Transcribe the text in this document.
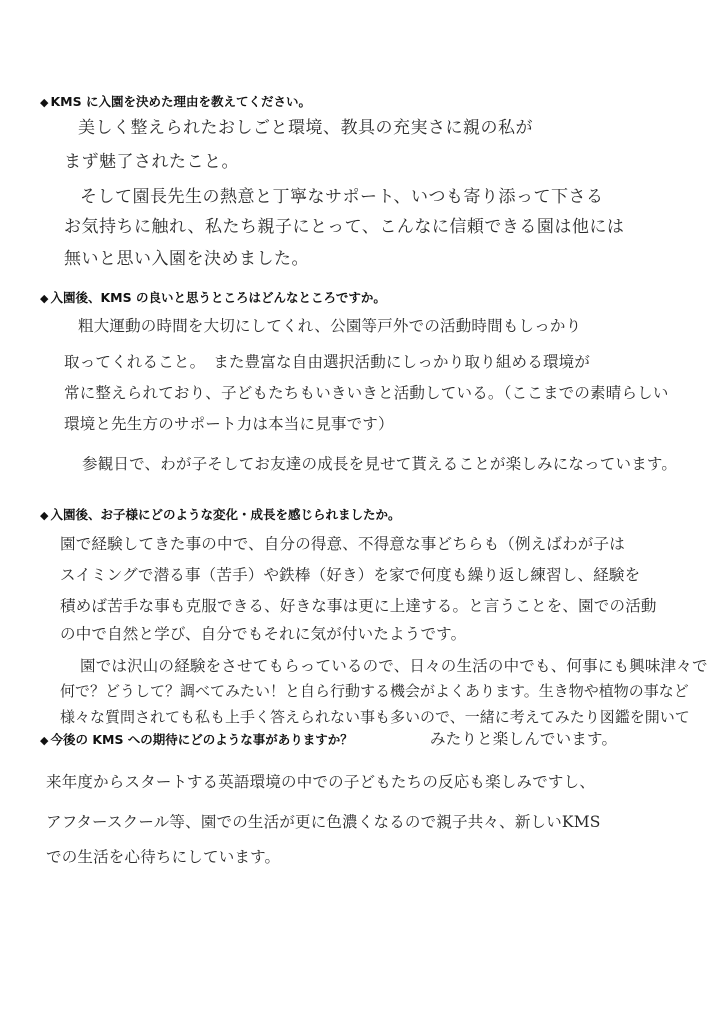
◆ KMS に入園を決めた理由を教えてください。
美しく整えられたおしごと環境、教具の充実さに親の私が
まず魅了されたこと。
そして園長先生の熱意と丁寧なサポート、いつも寄り添って下さる
お気持ちに触れ、私たち親子にとって、こんなに信頼できる園は他には
無いと思い入園を決めました。
◆ 入園後、KMS の良いと思うところはどんなところですか。
粗大運動の時間を大切にしてくれ、公園等戸外での活動時間もしっかり
取ってくれること。　また豊富な自由選択活動にしっかり取り組める環境が
常に整えられており、子どもたちもいきいきと活動している。（ここまでの素晴らしい
環境と先生方のサポート力は本当に見事です）
参観日で、わが子そしてお友達の成長を見せて貰えることが楽しみになっています。
◆ 入園後、お子様にどのような変化・成長を感じられましたか。
園で経験してきた事の中で、自分の得意、不得意な事どちらも（例えばわが子は
スイミングで潜る事（苦手）や鉄棒（好き）を家で何度も繰り返し練習し、経験を
積めば苦手な事も克服できる、好きな事は更に上達する。と言うことを、園での活動
の中で自然と学び、自分でもそれに気が付いたようです。
園では沢山の経験をさせてもらっているので、日々の生活の中でも、何事にも興味津々で
何で？どうして？調べてみたい！と自ら行動する機会がよくあります。生き物や植物の事など
様々な質問されても私も上手く答えられない事も多いので、一緒に考えてみたり図鑑を開いて
◆ 今後の KMS への期待にどのような事がありますか？	みたりと楽しんでいます。
来年度からスタートする英語環境の中での子どもたちの反応も楽しみですし、
アフタースクール等、園での生活が更に色濃くなるので親子共々、新しいKMS
での生活を心待ちにしています。
